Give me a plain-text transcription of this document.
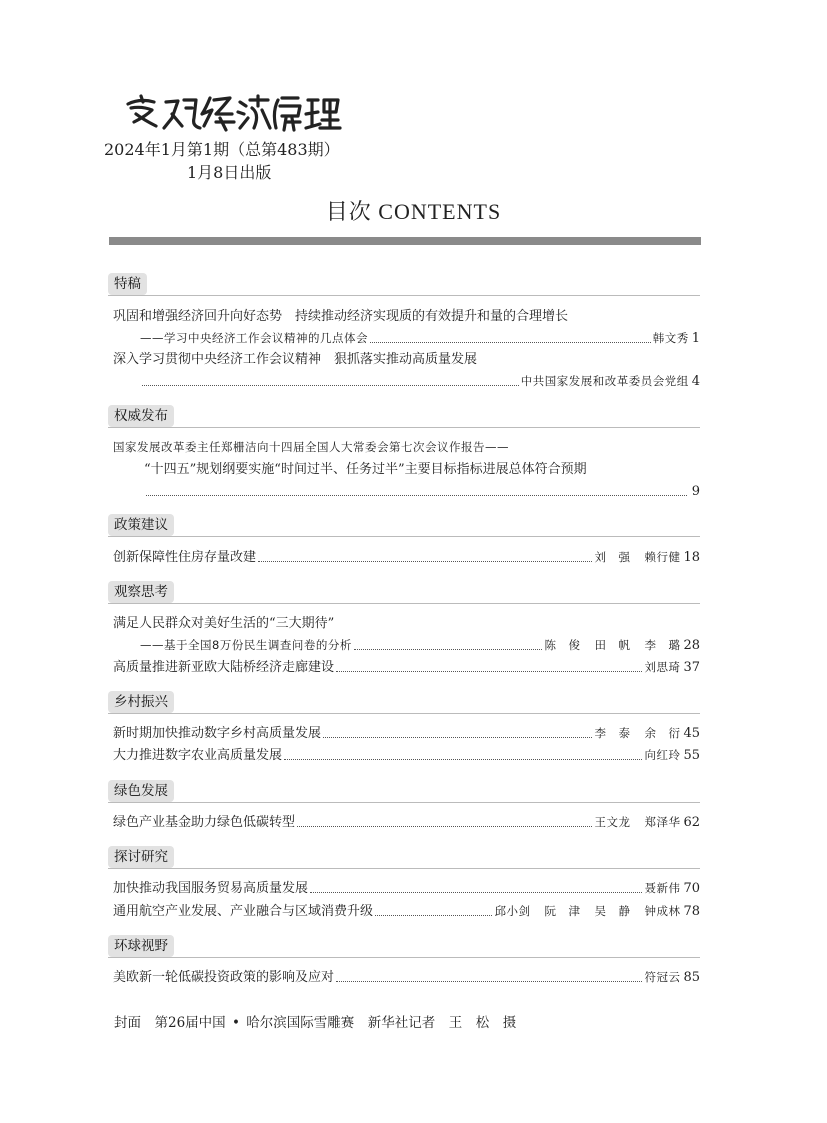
2024年1月第1期（总第483期）
1月8日出版
目次 CONTENTS
特稿
巩固和增强经济回升向好态势　持续推动经济实现质的有效提升和量的合理增长
——学习中央经济工作会议精神的几点体会	韩文秀 1
深入学习贯彻中央经济工作会议精神　狠抓落实推动高质量发展
中共国家发展和改革委员会党组 4
权威发布
国家发展改革委主任郑栅洁向十四届全国人大常委会第七次会议作报告——
“十四五”规划纲要实施“时间过半、任务过半”主要目标指标进展总体符合预期
9
政策建议
创新保障性住房存量改建	刘　强 赖行健 18
观察思考
满足人民群众对美好生活的“三大期待”
——基于全国8万份民生调查问卷的分析	陈　俊 田　帆 李　璐 28
高质量推进新亚欧大陆桥经济走廊建设	刘思琦 37
乡村振兴
新时期加快推动数字乡村高质量发展	李　泰 余　衍 45
大力推进数字农业高质量发展	向红玲 55
绿色发展
绿色产业基金助力绿色低碳转型	王文龙 郑泽华 62
探讨研究
加快推动我国服务贸易高质量发展	聂新伟 70
通用航空产业发展、产业融合与区域消费升级	邱小剑 阮　津 吴　静 钟成林 78
环球视野
美欧新一轮低碳投资政策的影响及应对	符冠云 85
封面　第26届中国 • 哈尔滨国际雪雕赛　新华社记者　王　松　摄
